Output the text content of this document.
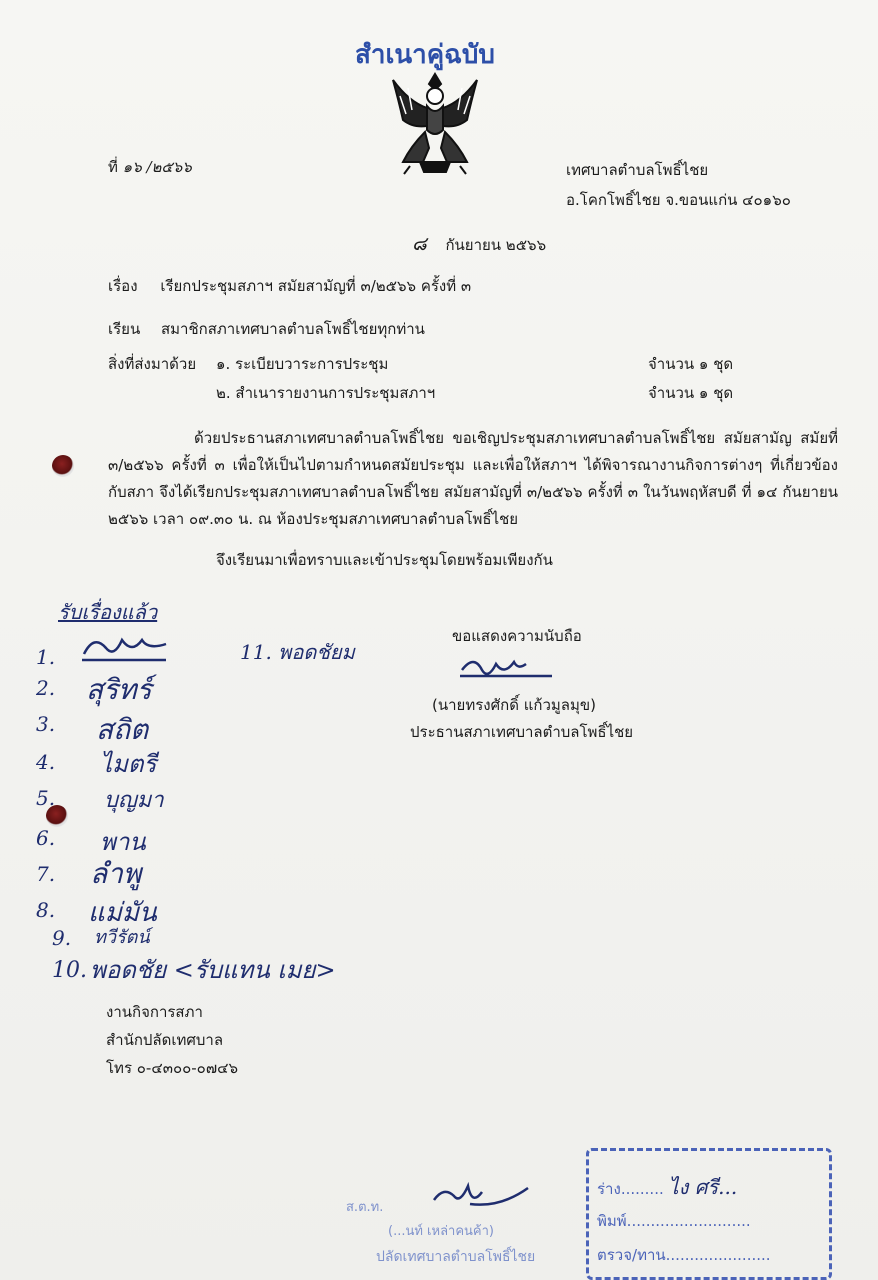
สำเนาคู่ฉบับ
ที่ ๑๖ /๒๕๖๖	เทศบาลตำบลโพธิ์ไชย
อ.โคกโพธิ์ไชย จ.ขอนแก่น ๔๐๑๖๐
๘ กันยายน ๒๕๖๖
เรื่อง เรียกประชุมสภาฯ สมัยสามัญที่ ๓/๒๕๖๖ ครั้งที่ ๓
เรียน สมาชิกสภาเทศบาลตำบลโพธิ์ไชยทุกท่าน
สิ่งที่ส่งมาด้วย ๑. ระเบียบวาระการประชุม	จำนวน ๑ ชุด
๒. สำเนารายงานการประชุมสภาฯ	จำนวน ๑ ชุด
ด้วยประธานสภาเทศบาลตำบลโพธิ์ไชย ขอเชิญประชุมสภาเทศบาลตำบลโพธิ์ไชย สมัยสามัญ สมัยที่ ๓/๒๕๖๖ ครั้งที่ ๓ เพื่อให้เป็นไปตามกำหนดสมัยประชุม และเพื่อให้สภาฯ ได้พิจารณางานกิจการต่างๆ ที่เกี่ยวข้องกับสภา จึงได้เรียกประชุมสภาเทศบาลตำบลโพธิ์ไชย สมัยสามัญที่ ๓/๒๕๖๖ ครั้งที่ ๓ ในวันพฤหัสบดี ที่ ๑๔ กันยายน ๒๕๖๖ เวลา ๐๙.๓๐ น. ณ ห้องประชุมสภาเทศบาลตำบลโพธิ์ไชย
จึงเรียนมาเพื่อทราบและเข้าประชุมโดยพร้อมเพียงกัน
รับเรื่องแล้ว
1.
2. สุริทร์
3. สถิต
4. ไมตรี
5. บุญมา
6. พาน
7. ลำพู
8. แม่มัน
9. ทวีรัตน์
10. พอดชัย <รับแทน เมย>
11. พอดชัยม
ขอแสดงความนับถือ
(นายทรงศักดิ์ แก้วมูลมุข)
ประธานสภาเทศบาลตำบลโพธิ์ไชย
งานกิจการสภา
สำนักปลัดเทศบาล
โทร ๐-๔๓๐๐-๐๗๔๖
ส.ต.ท.
(...นท์ เหล่าคนค้า)
ปลัดเทศบาลตำบลโพธิ์ไชย
ร่าง......... ไง ศรี...
พิมพ์..........................
ตรวจ/ทาน......................
